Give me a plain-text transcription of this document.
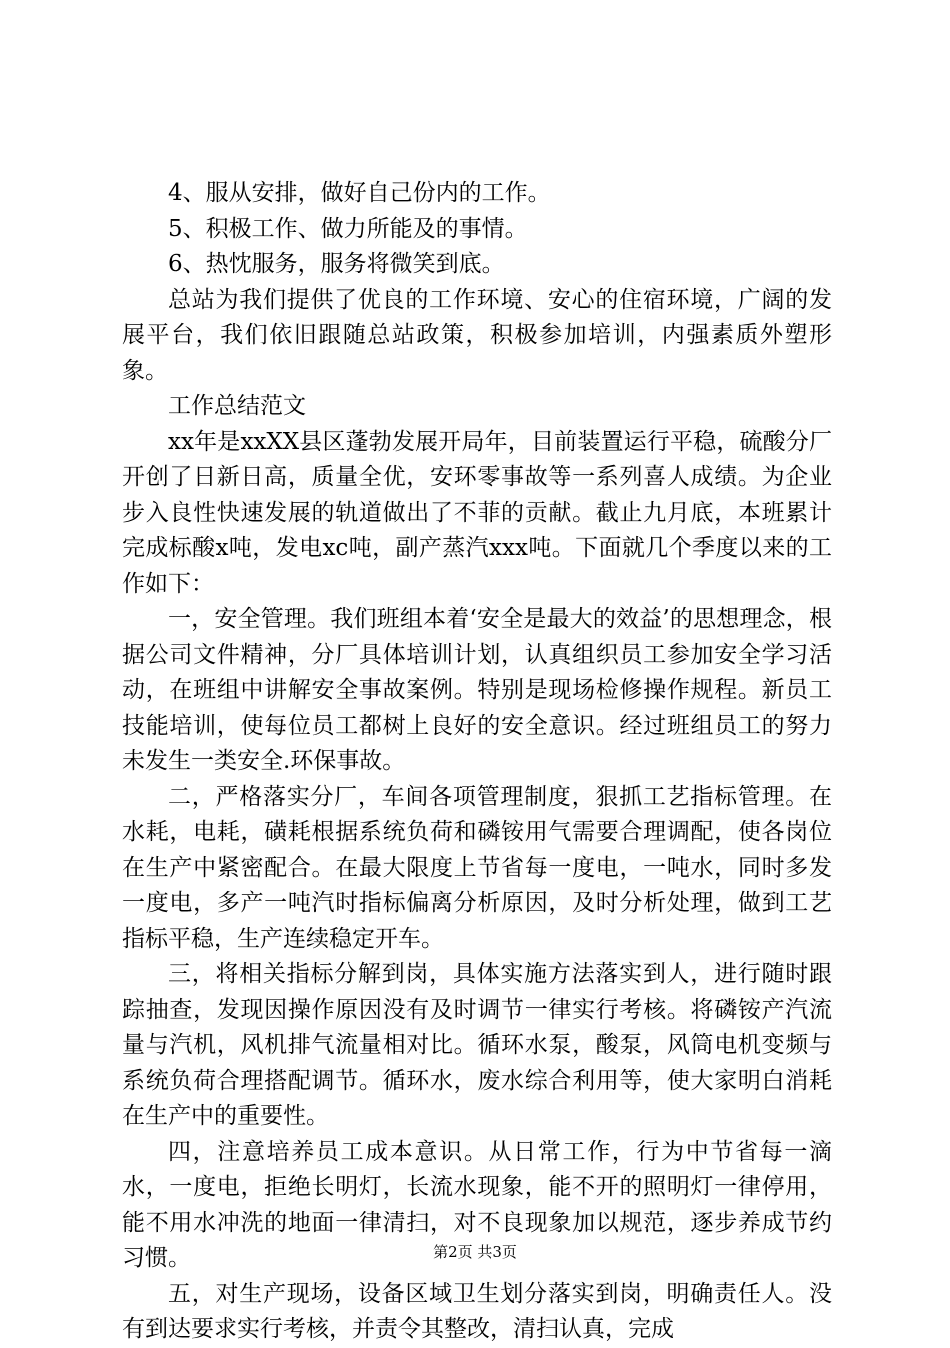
4、服从安排，做好自己份内的工作。

5、积极工作、做力所能及的事情。

6、热忱服务，服务将微笑到底。

总站为我们提供了优良的工作环境、安心的住宿环境，广阔的发展平台，我们依旧跟随总站政策，积极参加培训，内强素质外塑形象。

工作总结范文

xx年是xxXX县区蓬勃发展开局年，目前装置运行平稳，硫酸分厂开创了日新日高，质量全优，安环零事故等一系列喜人成绩。为企业步入良性快速发展的轨道做出了不菲的贡献。截止九月底，本班累计完成标酸x吨，发电xc吨，副产蒸汽xxx吨。下面就几个季度以来的工作如下：

一，安全管理。我们班组本着‘安全是最大的效益’的思想理念，根据公司文件精神，分厂具体培训计划，认真组织员工参加安全学习活动，在班组中讲解安全事故案例。特别是现场检修操作规程。新员工技能培训，使每位员工都树上良好的安全意识。经过班组员工的努力未发生一类安全.环保事故。

二，严格落实分厂，车间各项管理制度，狠抓工艺指标管理。在水耗，电耗，磺耗根据系统负荷和磷铵用气需要合理调配，使各岗位在生产中紧密配合。在最大限度上节省每一度电，一吨水，同时多发一度电，多产一吨汽时指标偏离分析原因，及时分析处理，做到工艺指标平稳，生产连续稳定开车。

三，将相关指标分解到岗，具体实施方法落实到人，进行随时跟踪抽查，发现因操作原因没有及时调节一律实行考核。将磷铵产汽流量与汽机，风机排气流量相对比。循环水泵，酸泵，风筒电机变频与系统负荷合理搭配调节。循环水，废水综合利用等，使大家明白消耗在生产中的重要性。

四，注意培养员工成本意识。从日常工作，行为中节省每一滴水，一度电，拒绝长明灯，长流水现象，能不开的照明灯一律停用，能不用水冲洗的地面一律清扫，对不良现象加以规范，逐步养成节约习惯。

五，对生产现场，设备区域卫生划分落实到岗，明确责任人。没有到达要求实行考核，并责令其整改，清扫认真，完成

第2页 共3页
